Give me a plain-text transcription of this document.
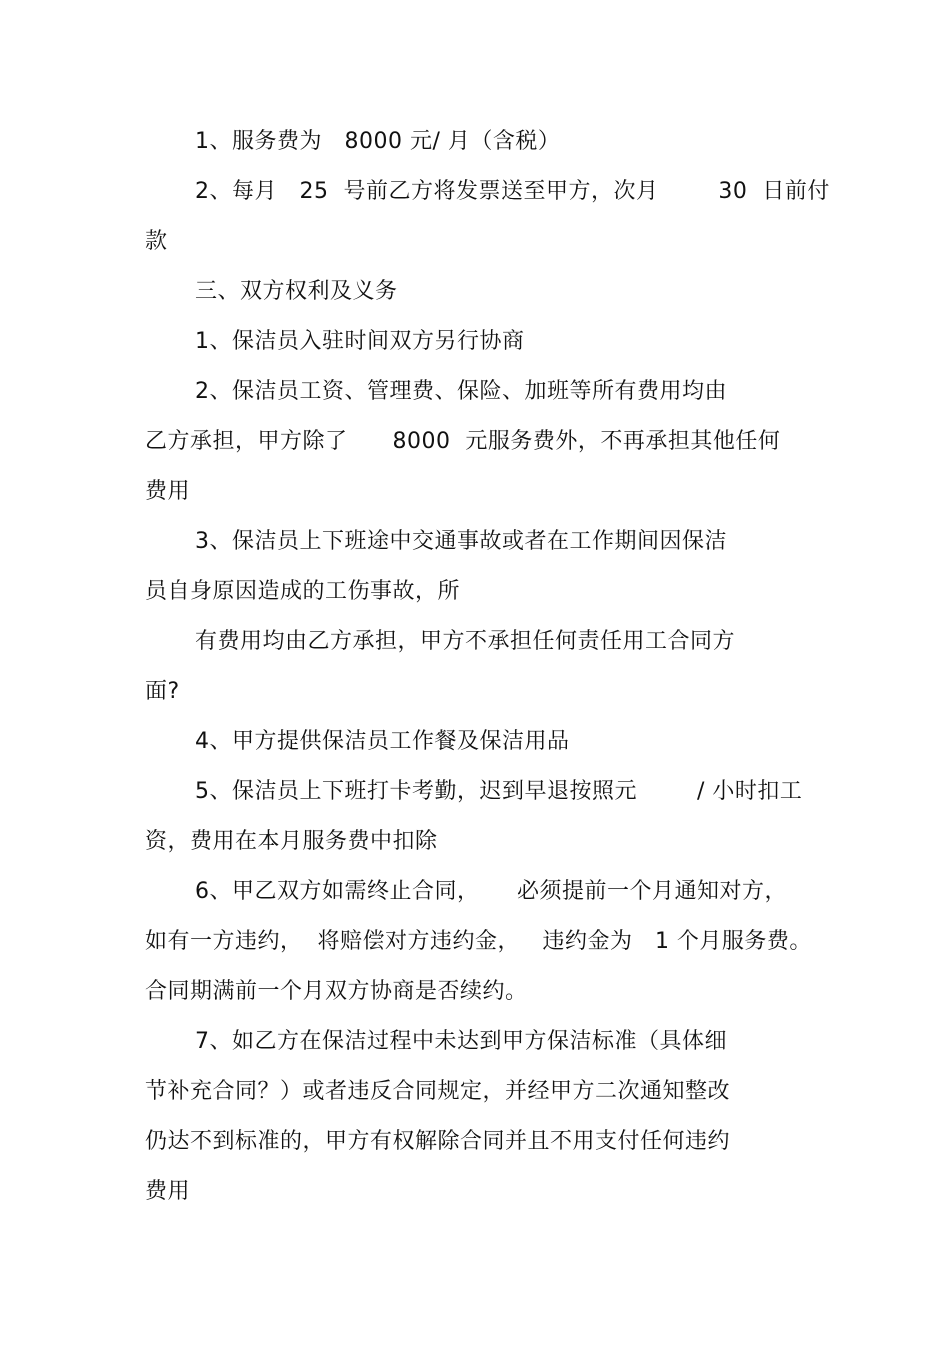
1、服务费为   8000 元/ 月（含税）
2、每月   25  号前乙方将发票送至甲方，次月        30  日前付
款
三、双方权利及义务
1、保洁员入驻时间双方另行协商
2、保洁员工资、管理费、保险、加班等所有费用均由
乙方承担，甲方除了      8000  元服务费外，不再承担其他任何
费用
3、保洁员上下班途中交通事故或者在工作期间因保洁
员自身原因造成的工伤事故，所
有费用均由乙方承担，甲方不承担任何责任用工合同方
面?
4、甲方提供保洁员工作餐及保洁用品
5、保洁员上下班打卡考勤，迟到早退按照元        / 小时扣工
资，费用在本月服务费中扣除
6、甲乙双方如需终止合同，     必须提前一个月通知对方，
如有一方违约，  将赔偿对方违约金，   违约金为   1 个月服务费。
合同期满前一个月双方协商是否续约。
7、如乙方在保洁过程中未达到甲方保洁标准（具体细
节补充合同？）或者违反合同规定，并经甲方二次通知整改
仍达不到标准的，甲方有权解除合同并且不用支付任何违约
费用
